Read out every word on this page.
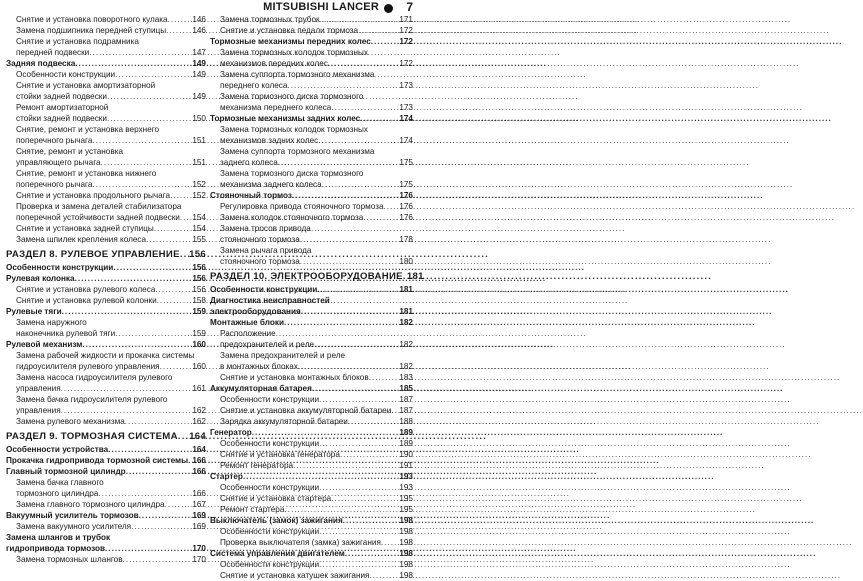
MITSUBISHI LANCER 7
Снятие и установка поворотного кулака .....	146
Замена подшипника передней ступицы .....	146
Снятие и установка подрамника
передней подвески .....	147
Задняя подвеска .....	149
Особенности конструкции .....	149
Снятие и установка амортизаторной
стойки задней подвески .....	149
Ремонт амортизаторной
стойки задней подвески .....	150
Снятие, ремонт и установка верхнего
поперечного рычага .....	151
Снятие, ремонт и установка
управляющего рычага .....	151
Снятие, ремонт и установка нижнего
поперечного рычага .....	152
Снятие и установка продольного рычага .....	152
Проверка и замена деталей стабилизатора
поперечной устойчивости задней подвески ..... 154
Снятие и установка задней ступицы .....	154
Замена шпилек крепления колеса .....	155
РАЗДЕЛ 8. РУЛЕВОЕ УПРАВЛЕНИЕ ..... 156
Особенности конструкции .....	156
Рулевая колонка .....	156
Снятие и установка рулевого колеса .....	156
Снятие и установка рулевой колонки .....	158
Рулевые тяги .....	159
Замена наружного
наконечника рулевой тяги .....	159
Рулевой механизм .....	160
Замена рабочей жидкости и прокачка системы
гидроусилителя рулевого управления .....	160
Замена насоса гидроусилителя рулевого
управления .....	161
Замена бачка гидроусилителя рулевого
управления .....	162
Замена рулевого механизма .....	162
РАЗДЕЛ 9. ТОРМОЗНАЯ СИСТЕМА ..... 164
Особенности устройства .....	164
Прокачка гидропривода тормозной системы ..... 166
Главный тормозной цилиндр .....	166
Замена бачка главного
тормозного цилиндра .....	166
Замена главного тормозного цилиндра .....	167
Вакуумный усилитель тормозов .....	169
Замена вакуумного усилителя .....	169
Замена шлангов и трубок
гидропривода тормозов .....	170
Замена тормозных шлангов .....	170
Замена тормозных трубок .....	171
Снятие и установка педали тормоза .....	172
Тормозные механизмы передних колес .....	172
Замена тормозных колодок тормозных
механизмов передних колес .....	172
Замена суппорта тормозного механизма
переднего колеса .....	173
Замена тормозного диска тормозного
механизма переднего колеса .....	173
Тормозные механизмы задних колес .....	174
Замена тормозных колодок тормозных
механизмов задних колес .....	174
Замена суппорта тормозного механизма
заднего колеса .....	175
Замена тормозного диска тормозного
механизма заднего колеса .....	175
Стояночный тормоз .....	176
Регулировка привода стояночного тормоза ..... 176
Замена колодок стояночного тормоза .....	176
Замена тросов привода
стояночного тормоза .....	178
Замена рычага привода
стояночного тормоза .....	180
РАЗДЕЛ 10. ЭЛЕКТРООБОРУДОВАНИЕ ..... 181
Особенности конструкции .....	181
Диагностика неисправностей
электрооборудования .....	181
Монтажные блоки .....	182
Расположение
предохранителей и реле .....	182
Замена предохранителей и реле
в монтажных блоках .....	182
Снятие и установка монтажных блоков .....	183
Аккумуляторная батарея .....	185
Особенности конструкции .....	187
Снятие и установка аккумуляторной батареи ..... 187
Зарядка аккумуляторной батареи .....	188
Генератор .....	189
Особенности конструкции .....	189
Снятие и установка генератора .....	190
Ремонт генератора .....	191
Стартер .....	193
Особенности конструкции .....	193
Снятие и установка стартера .....	195
Ремонт стартера .....	195
Выключатель (замок) зажигания .....	198
Особенности конструкции .....	198
Проверка выключателя (замка) зажигания ..... 198
Система управления двигателем .....	198
Особенности конструкции .....	198
Снятие и установка катушек зажигания .....	198
